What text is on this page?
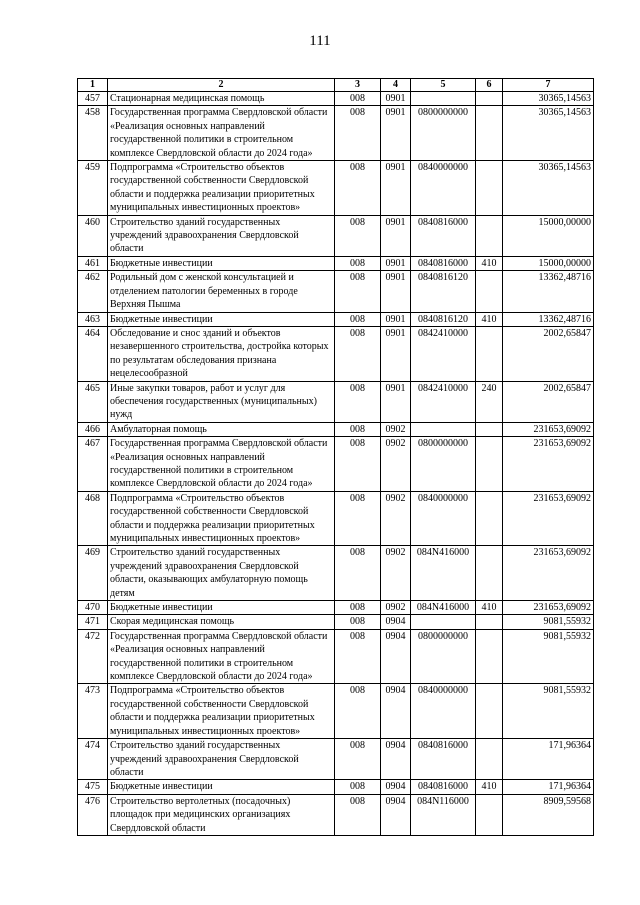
111
1	2	3	4	5	6	7
457	Стационарная медицинская помощь	008	0901			30365,14563
458	Государственная программа Свердловской области «Реализация основных направлений государственной политики в строительном комплексе Свердловской области до 2024 года»	008	0901	0800000000		30365,14563
459	Подпрограмма «Строительство объектов государственной собственности Свердловской области и поддержка реализации приоритетных муниципальных инвестиционных проектов»	008	0901	0840000000		30365,14563
460	Строительство зданий государственных учреждений здравоохранения Свердловской области	008	0901	0840816000		15000,00000
461	Бюджетные инвестиции	008	0901	0840816000	410	15000,00000
462	Родильный дом с женской консультацией и отделением патологии беременных в городе Верхняя Пышма	008	0901	0840816120		13362,48716
463	Бюджетные инвестиции	008	0901	0840816120	410	13362,48716
464	Обследование и снос зданий и объектов незавершенного строительства, достройка которых по результатам обследования признана нецелесообразной	008	0901	0842410000		2002,65847
465	Иные закупки товаров, работ и услуг для обеспечения государственных (муниципальных) нужд	008	0901	0842410000	240	2002,65847
466	Амбулаторная помощь	008	0902			231653,69092
467	Государственная программа Свердловской области «Реализация основных направлений государственной политики в строительном комплексе Свердловской области до 2024 года»	008	0902	0800000000		231653,69092
468	Подпрограмма «Строительство объектов государственной собственности Свердловской области и поддержка реализации приоритетных муниципальных инвестиционных проектов»	008	0902	0840000000		231653,69092
469	Строительство зданий государственных учреждений здравоохранения Свердловской области, оказывающих амбулаторную помощь детям	008	0902	084N416000		231653,69092
470	Бюджетные инвестиции	008	0902	084N416000	410	231653,69092
471	Скорая медицинская помощь	008	0904			9081,55932
472	Государственная программа Свердловской области «Реализация основных направлений государственной политики в строительном комплексе Свердловской области до 2024 года»	008	0904	0800000000		9081,55932
473	Подпрограмма «Строительство объектов государственной собственности Свердловской области и поддержка реализации приоритетных муниципальных инвестиционных проектов»	008	0904	0840000000		9081,55932
474	Строительство зданий государственных учреждений здравоохранения Свердловской области	008	0904	0840816000		171,96364
475	Бюджетные инвестиции	008	0904	0840816000	410	171,96364
476	Строительство вертолетных (посадочных) площадок при медицинских организациях Свердловской области	008	0904	084N116000		8909,59568
